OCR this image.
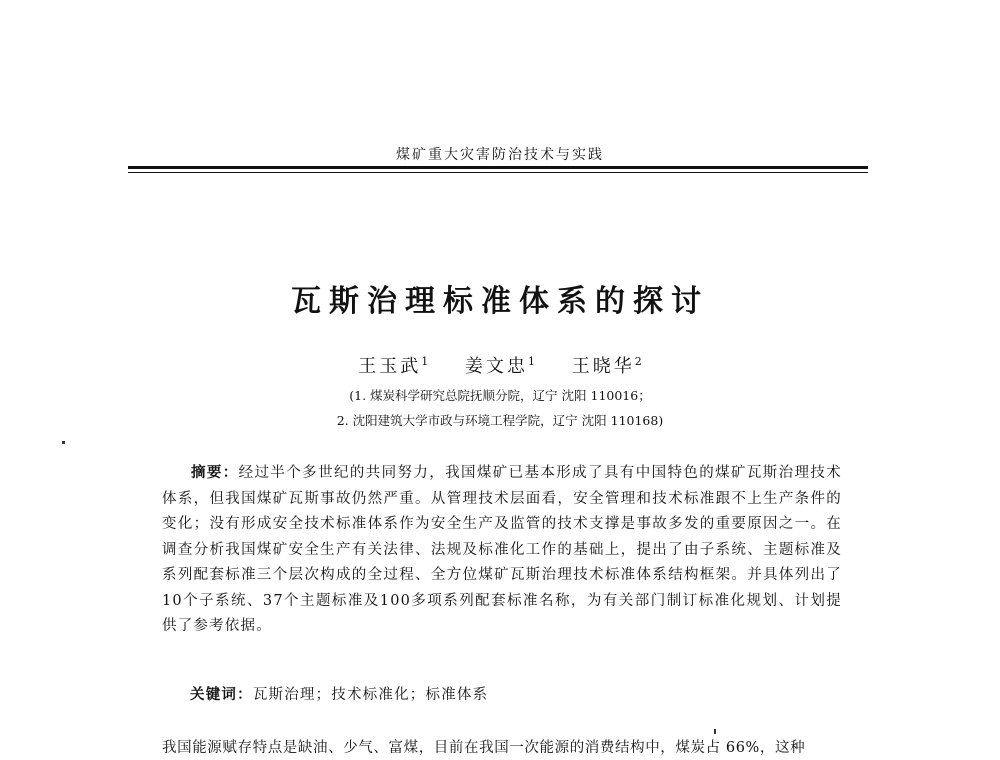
煤矿重大灾害防治技术与实践
瓦斯治理标准体系的探讨
王玉武$^1$ 姜文忠$^1$ 王晓华$^2$
(1. 煤炭科学研究总院抚顺分院，辽宁 沈阳 110016；
2. 沈阳建筑大学市政与环境工程学院，辽宁 沈阳 110168)
摘要：经过半个多世纪的共同努力，我国煤矿已基本形成了具有中国特色的煤矿瓦斯治理技术体系，但我国煤矿瓦斯事故仍然严重。从管理技术层面看，安全管理和技术标准跟不上生产条件的变化；没有形成安全技术标准体系作为安全生产及监管的技术支撑是事故多发的重要原因之一。在调查分析我国煤矿安全生产有关法律、法规及标准化工作的基础上，提出了由子系统、主题标准及系列配套标准三个层次构成的全过程、全方位煤矿瓦斯治理技术标准体系结构框架。并具体列出了10个子系统、37个主题标准及100多项系列配套标准名称，为有关部门制订标准化规划、计划提供了参考依据。
关键词：瓦斯治理；技术标准化；标准体系
我国能源赋存特点是缺油、少气、富煤，目前在我国一次能源的消费结构中，煤炭占 66%，这种
